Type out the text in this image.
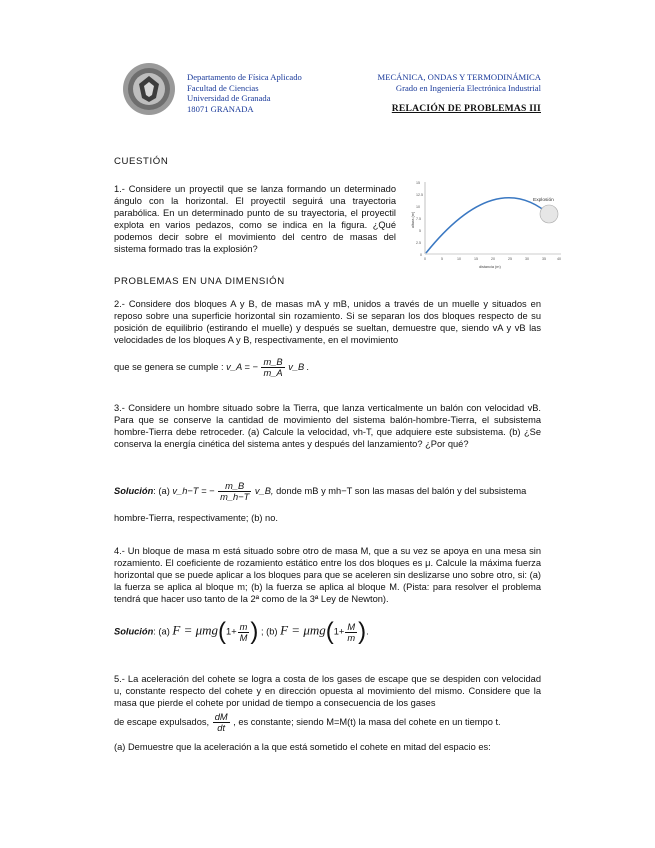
Departamento de Física Aplicado
Facultad de Ciencias
Universidad de Granada
18071 GRANADA
MECÁNICA, ONDAS Y TERMODINÁMICA
Grado en Ingeniería Electrónica Industrial
RELACIÓN DE PROBLEMAS III
CUESTIÓN
1.- Considere un proyectil que se lanza formando un determinado ángulo con la horizontal. El proyectil seguirá una trayectoria parabólica. En un determinado punto de su trayectoria, el proyectil explota en varios pedazos, como se indica en la figura. ¿Qué podemos decir sobre el movimiento del centro de masas del sistema formado tras la explosión?
Explosión
15
12.5
10
7.5
5
2.5
0
0	5	10	15	20	25	30	35	40
distancia (m)
altura (m)
PROBLEMAS EN UNA DIMENSIÓN
2.- Considere dos bloques A y B, de masas mA y mB, unidos a través de un muelle y situados en reposo sobre una superficie horizontal sin rozamiento. Si se separan los dos bloques respecto de su posición de equilibrio (estirando el muelle) y después se sueltan, demuestre que, siendo vA y vB las velocidades de los bloques A y B, respectivamente, en el movimiento
que se genera se cumple : v_A = − $\frac{m\_B}{m\_A}$ v_B .
3.- Considere un hombre situado sobre la Tierra, que lanza verticalmente un balón con velocidad vB. Para que se conserve la cantidad de movimiento del sistema balón-hombre-Tierra, el subsistema hombre-Tierra debe retroceder. (a) Calcule la velocidad, vh-T, que adquiere este subsistema. (b) ¿Se conserva la energía cinética del sistema antes y después del lanzamiento? ¿Por qué?
Solución: (a) v_h−T = − $\frac{m\_B}{m\_h-T}$ v_B, donde mB y mh−T son las masas del balón y del subsistema
hombre-Tierra, respectivamente; (b) no.
4.- Un bloque de masa m está situado sobre otro de masa M, que a su vez se apoya en una mesa sin rozamiento. El coeficiente de rozamiento estático entre los dos bloques es μ. Calcule la máxima fuerza horizontal que se puede aplicar a los bloques para que se aceleren sin deslizarse uno sobre otro, si: (a) la fuerza se aplica al bloque m; (b) la fuerza se aplica al bloque M. (Pista: para resolver el problema tendrá que hacer uso tanto de la 2ª como de la 3ª Ley de Newton).
Solución: (a) $F = \mu mg(1+ \frac{m}{M}$ ) ; (b) $F = \mu mg(1+ \frac{M}{m}$ ).
5.- La aceleración del cohete se logra a costa de los gases de escape que se despiden con velocidad u, constante respecto del cohete y en dirección opuesta al movimiento del mismo. Considere que la masa que pierde el cohete por unidad de tiempo a consecuencia de los gases
de escape expulsados, $\frac{dM}{dt}$ , es constante; siendo M=M(t) la masa del cohete en un tiempo t.
(a) Demuestre que la aceleración a la que está sometido el cohete en mitad del espacio es:
